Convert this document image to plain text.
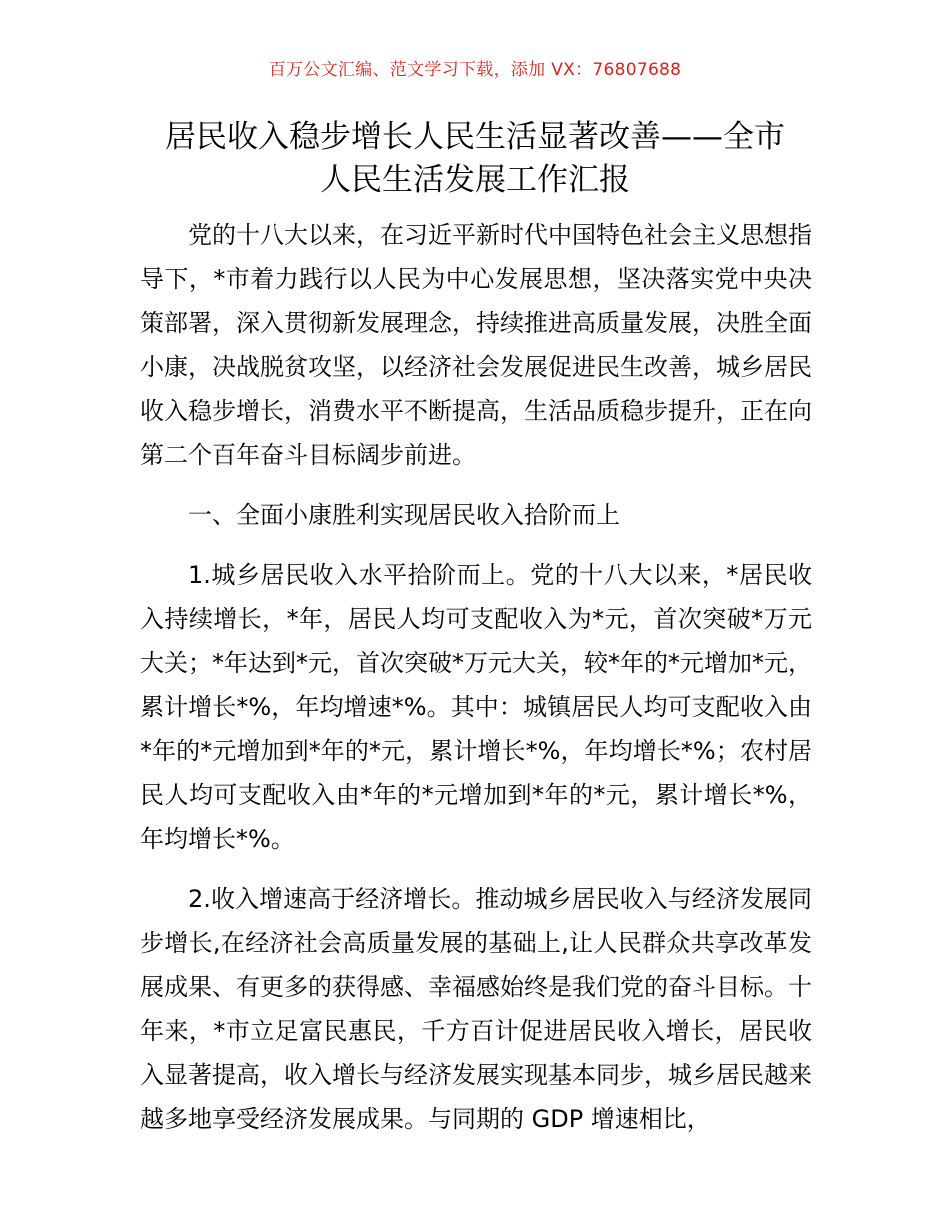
百万公文汇编、范文学习下载，添加 VX：76807688
居民收入稳步增长人民生活显著改善——全市
人民生活发展工作汇报

党的十八大以来，在习近平新时代中国特色社会主义思想指导下，*市着力践行以人民为中心发展思想，坚决落实党中央决策部署，深入贯彻新发展理念，持续推进高质量发展，决胜全面小康，决战脱贫攻坚，以经济社会发展促进民生改善，城乡居民收入稳步增长，消费水平不断提高，生活品质稳步提升，正在向第二个百年奋斗目标阔步前进。

一、全面小康胜利实现居民收入拾阶而上

1.城乡居民收入水平拾阶而上。党的十八大以来，*居民收入持续增长，*年，居民人均可支配收入为*元，首次突破*万元大关；*年达到*元，首次突破*万元大关，较*年的*元增加*元，累计增长*%，年均增速*%。其中：城镇居民人均可支配收入由*年的*元增加到*年的*元，累计增长*%，年均增长*%；农村居民人均可支配收入由*年的*元增加到*年的*元，累计增长*%，年均增长*%。

2.收入增速高于经济增长。推动城乡居民收入与经济发展同步增长,在经济社会高质量发展的基础上,让人民群众共享改革发展成果、有更多的获得感、幸福感始终是我们党的奋斗目标。十年来，*市立足富民惠民，千方百计促进居民收入增长，居民收入显著提高，收入增长与经济发展实现基本同步，城乡居民越来越多地享受经济发展成果。与同期的 GDP 增速相比，
